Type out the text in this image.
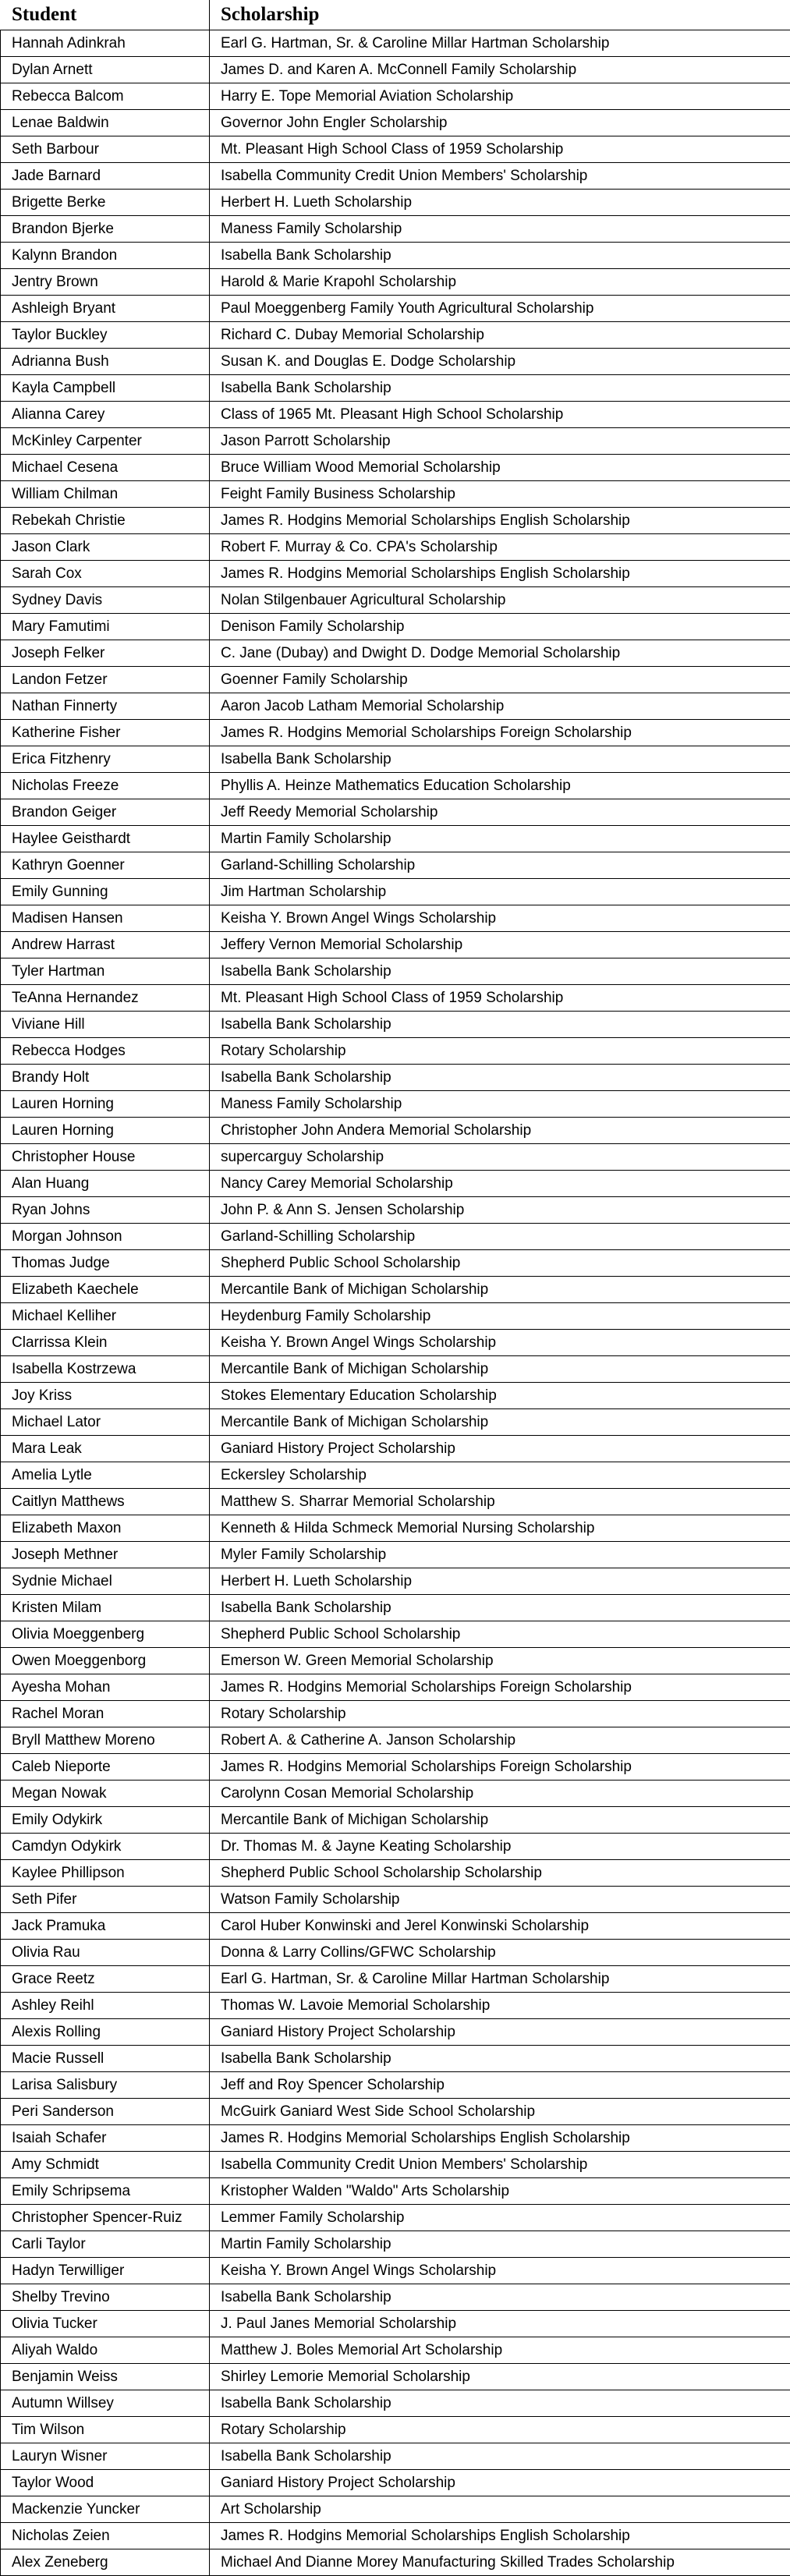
Student	Scholarship
Hannah Adinkrah	Earl G. Hartman, Sr. & Caroline Millar Hartman Scholarship
Dylan Arnett	James D. and Karen A. McConnell Family Scholarship
Rebecca Balcom	Harry E. Tope Memorial Aviation Scholarship
Lenae Baldwin	Governor John Engler Scholarship
Seth Barbour	Mt. Pleasant High School Class of 1959 Scholarship
Jade Barnard	Isabella Community Credit Union Members' Scholarship
Brigette Berke	Herbert H. Lueth Scholarship
Brandon Bjerke	Maness Family Scholarship
Kalynn Brandon	Isabella Bank Scholarship
Jentry Brown	Harold & Marie Krapohl Scholarship
Ashleigh Bryant	Paul Moeggenberg Family Youth Agricultural Scholarship
Taylor Buckley	Richard C. Dubay Memorial Scholarship
Adrianna Bush	Susan K. and Douglas E. Dodge Scholarship
Kayla Campbell	Isabella Bank Scholarship
Alianna Carey	Class of 1965 Mt. Pleasant High School Scholarship
McKinley Carpenter	Jason Parrott Scholarship
Michael Cesena	Bruce William Wood Memorial Scholarship
William Chilman	Feight Family Business Scholarship
Rebekah Christie	James R. Hodgins Memorial Scholarships English Scholarship
Jason Clark	Robert F. Murray & Co. CPA's Scholarship
Sarah Cox	James R. Hodgins Memorial Scholarships English Scholarship
Sydney Davis	Nolan Stilgenbauer Agricultural Scholarship
Mary Famutimi	Denison Family Scholarship
Joseph Felker	C. Jane (Dubay) and Dwight D. Dodge Memorial Scholarship
Landon Fetzer	Goenner Family Scholarship
Nathan Finnerty	Aaron Jacob Latham Memorial Scholarship
Katherine Fisher	James R. Hodgins Memorial Scholarships Foreign Scholarship
Erica Fitzhenry	Isabella Bank Scholarship
Nicholas Freeze	Phyllis A. Heinze Mathematics Education Scholarship
Brandon Geiger	Jeff Reedy Memorial Scholarship
Haylee Geisthardt	Martin Family Scholarship
Kathryn Goenner	Garland-Schilling Scholarship
Emily Gunning	Jim Hartman Scholarship
Madisen Hansen	Keisha Y. Brown Angel Wings Scholarship
Andrew Harrast	Jeffery Vernon Memorial Scholarship
Tyler Hartman	Isabella Bank Scholarship
TeAnna Hernandez	Mt. Pleasant High School Class of 1959 Scholarship
Viviane Hill	Isabella Bank Scholarship
Rebecca Hodges	Rotary Scholarship
Brandy Holt	Isabella Bank Scholarship
Lauren Horning	Maness Family Scholarship
Lauren Horning	Christopher John Andera Memorial Scholarship
Christopher House	supercarguy Scholarship
Alan Huang	Nancy Carey Memorial Scholarship
Ryan Johns	John P. & Ann S. Jensen Scholarship
Morgan Johnson	Garland-Schilling Scholarship
Thomas Judge	Shepherd Public School Scholarship
Elizabeth Kaechele	Mercantile Bank of Michigan Scholarship
Michael Kelliher	Heydenburg Family Scholarship
Clarrissa Klein	Keisha Y. Brown Angel Wings Scholarship
Isabella Kostrzewa	Mercantile Bank of Michigan Scholarship
Joy Kriss	Stokes Elementary Education Scholarship
Michael Lator	Mercantile Bank of Michigan Scholarship
Mara Leak	Ganiard History Project Scholarship
Amelia Lytle	Eckersley Scholarship
Caitlyn Matthews	Matthew S. Sharrar Memorial Scholarship
Elizabeth Maxon	Kenneth & Hilda Schmeck Memorial Nursing Scholarship
Joseph Methner	Myler Family Scholarship
Sydnie Michael	Herbert H. Lueth Scholarship
Kristen Milam	Isabella Bank Scholarship
Olivia Moeggenberg	Shepherd Public School Scholarship
Owen Moeggenborg	Emerson W. Green Memorial Scholarship
Ayesha Mohan	James R. Hodgins Memorial Scholarships Foreign Scholarship
Rachel Moran	Rotary Scholarship
Bryll Matthew Moreno	Robert A. & Catherine A. Janson Scholarship
Caleb Nieporte	James R. Hodgins Memorial Scholarships Foreign Scholarship
Megan Nowak	Carolynn Cosan Memorial Scholarship
Emily Odykirk	Mercantile Bank of Michigan Scholarship
Camdyn Odykirk	Dr. Thomas M. & Jayne Keating Scholarship
Kaylee Phillipson	Shepherd Public School Scholarship Scholarship
Seth Pifer	Watson Family Scholarship
Jack Pramuka	Carol Huber Konwinski and Jerel Konwinski Scholarship
Olivia Rau	Donna & Larry Collins/GFWC Scholarship
Grace Reetz	Earl G. Hartman, Sr. & Caroline Millar Hartman Scholarship
Ashley Reihl	Thomas W. Lavoie Memorial Scholarship
Alexis Rolling	Ganiard History Project Scholarship
Macie Russell	Isabella Bank Scholarship
Larisa Salisbury	Jeff and Roy Spencer Scholarship
Peri Sanderson	McGuirk Ganiard West Side School Scholarship
Isaiah Schafer	James R. Hodgins Memorial Scholarships English Scholarship
Amy Schmidt	Isabella Community Credit Union Members' Scholarship
Emily Schripsema	Kristopher Walden "Waldo" Arts Scholarship
Christopher Spencer-Ruiz	Lemmer Family Scholarship
Carli Taylor	Martin Family Scholarship
Hadyn Terwilliger	Keisha Y. Brown Angel Wings Scholarship
Shelby Trevino	Isabella Bank Scholarship
Olivia Tucker	J. Paul Janes Memorial Scholarship
Aliyah Waldo	Matthew J. Boles Memorial Art Scholarship
Benjamin Weiss	Shirley Lemorie Memorial Scholarship
Autumn Willsey	Isabella Bank Scholarship
Tim Wilson	Rotary Scholarship
Lauryn Wisner	Isabella Bank Scholarship
Taylor Wood	Ganiard History Project Scholarship
Mackenzie Yuncker	Art Scholarship
Nicholas Zeien	James R. Hodgins Memorial Scholarships English Scholarship
Alex Zeneberg	Michael And Dianne Morey Manufacturing Skilled Trades Scholarship
